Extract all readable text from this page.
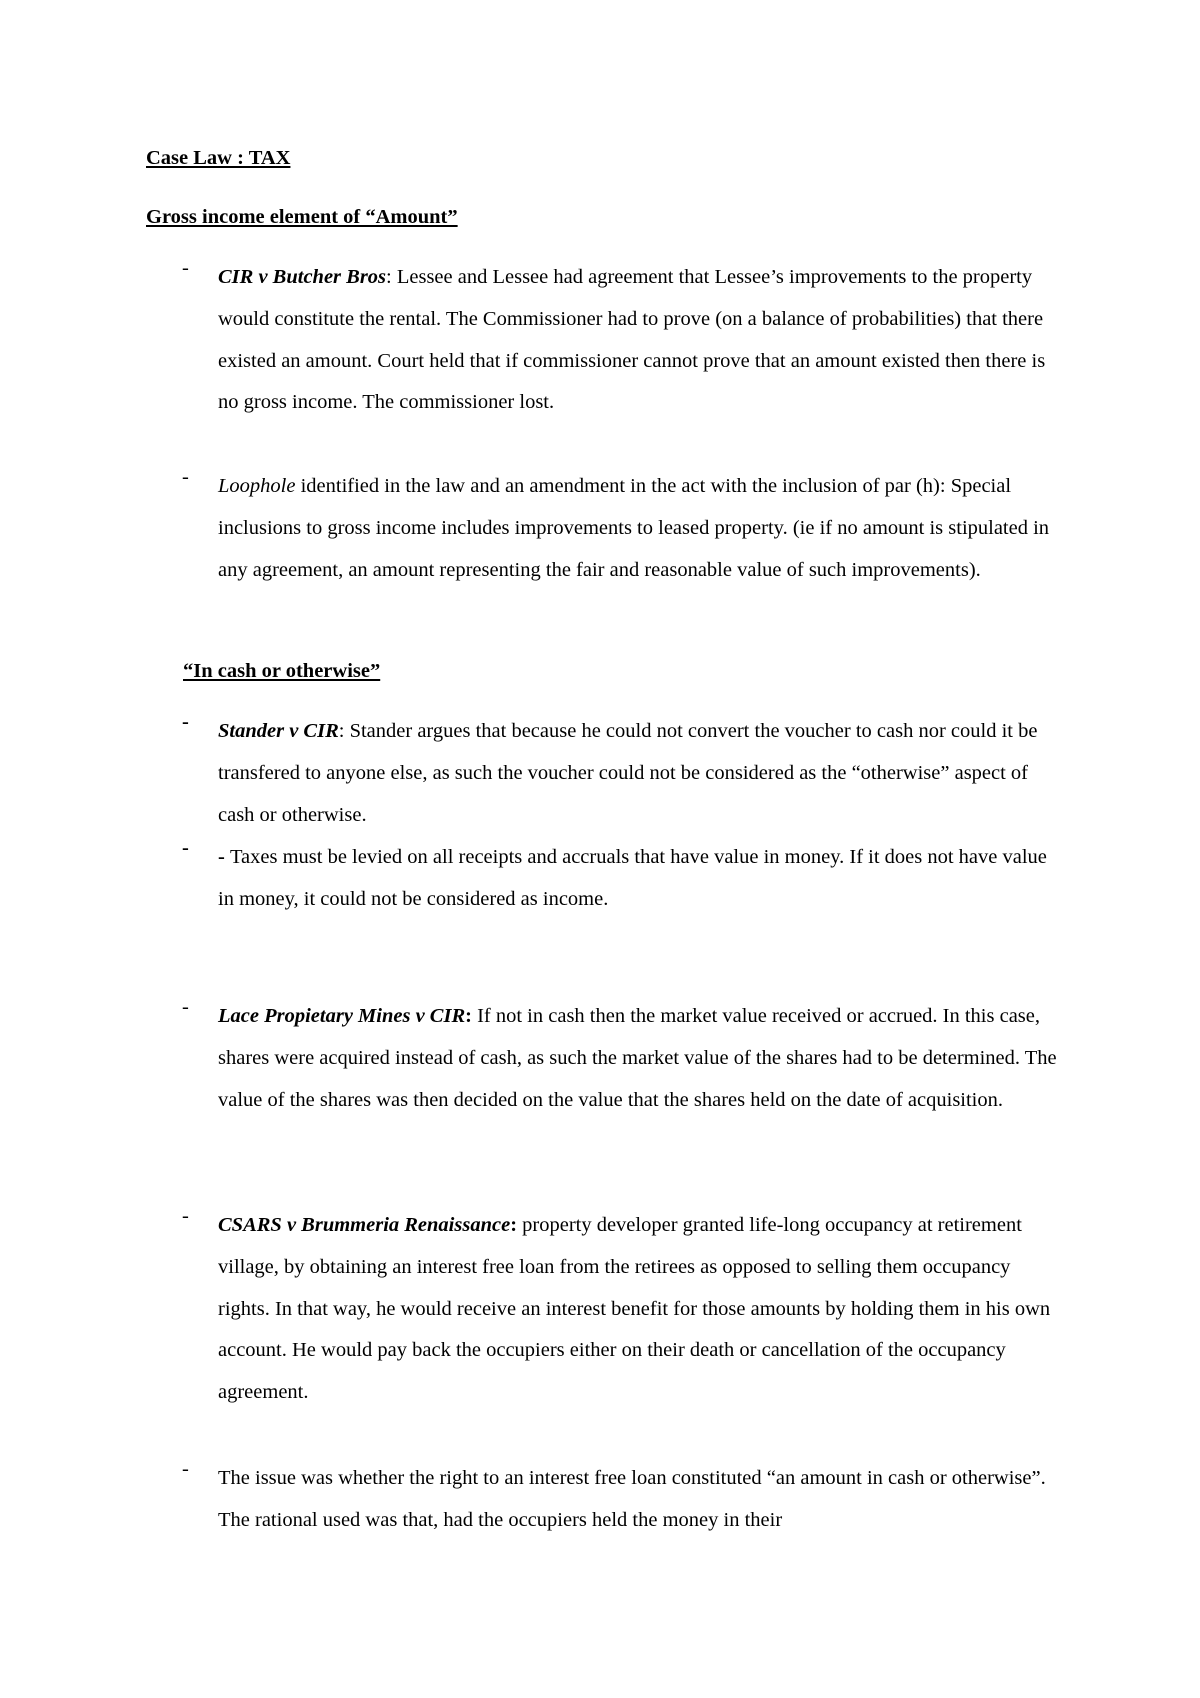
Case Law : TAX
Gross income element of “Amount”
- CIR v Butcher Bros: Lessee and Lessee had agreement that Lessee’s improvements to the property would constitute the rental. The Commissioner had to prove (on a balance of probabilities) that there existed an amount. Court held that if commissioner cannot prove that an amount existed then there is no gross income. The commissioner lost.
- Loophole identified in the law and an amendment in the act with the inclusion of par (h): Special inclusions to gross income includes improvements to leased property. (ie if no amount is stipulated in any agreement, an amount representing the fair and reasonable value of such improvements).
“In cash or otherwise”
- Stander v CIR: Stander argues that because he could not convert the voucher to cash nor could it be transfered to anyone else, as such the voucher could not be considered as the “otherwise” aspect of cash or otherwise.
- - Taxes must be levied on all receipts and accruals that have value in money. If it does not have value in money, it could not be considered as income.
- Lace Propietary Mines v CIR: If not in cash then the market value received or accrued. In this case, shares were acquired instead of cash, as such the market value of the shares had to be determined. The value of the shares was then decided on the value that the shares held on the date of acquisition.
- CSARS v Brummeria Renaissance: property developer granted life-long occupancy at retirement village, by obtaining an interest free loan from the retirees as opposed to selling them occupancy rights. In that way, he would receive an interest benefit for those amounts by holding them in his own account. He would pay back the occupiers either on their death or cancellation of the occupancy agreement.
- The issue was whether the right to an interest free loan constituted “an amount in cash or otherwise”. The rational used was that, had the occupiers held the money in their
